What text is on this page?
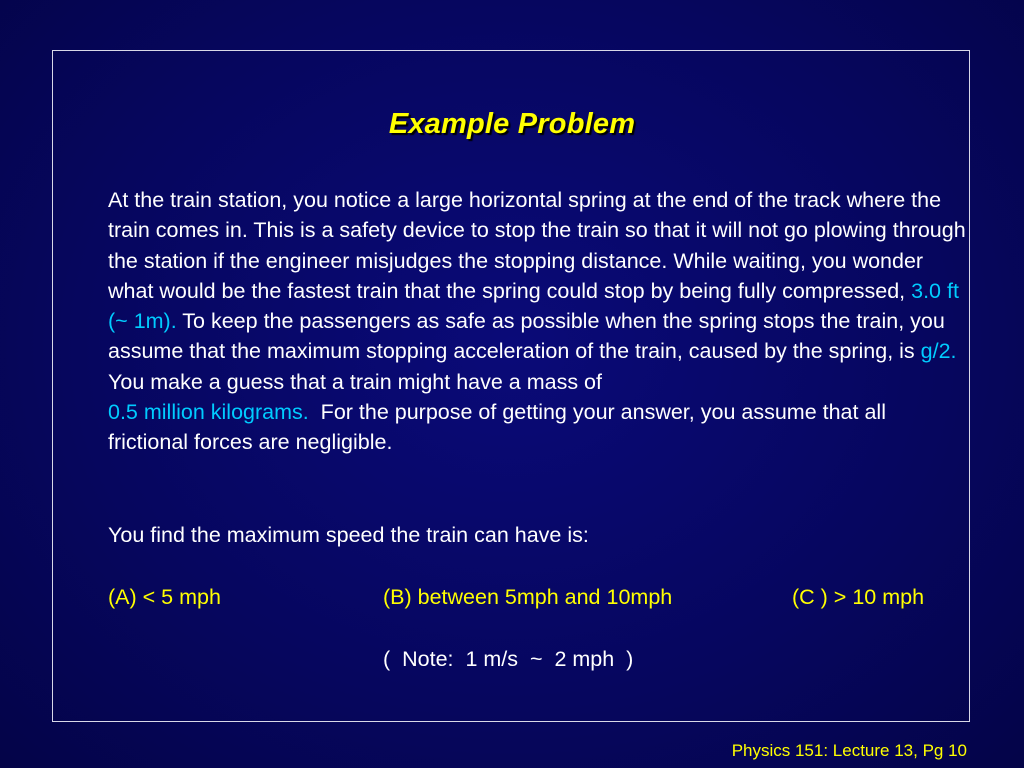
Example Problem

At the train station, you notice a large horizontal spring at the end of the track where the train comes in. This is a safety device to stop the train so that it will not go plowing through the station if the engineer misjudges the stopping distance. While waiting, you wonder what would be the fastest train that the spring could stop by being fully compressed, 3.0 ft (~ 1m). To keep the passengers as safe as possible when the spring stops the train, you assume that the maximum stopping acceleration of the train, caused by the spring, is g/2. You make a guess that a train might have a mass of
0.5 million kilograms.  For the purpose of getting your answer, you assume that all frictional forces are negligible.

You find the maximum speed the train can have is:

(A) < 5 mph	(B) between 5mph and 10mph	(C ) > 10 mph

(  Note:  1 m/s  ~  2 mph  )

Physics 151: Lecture 13, Pg 10
